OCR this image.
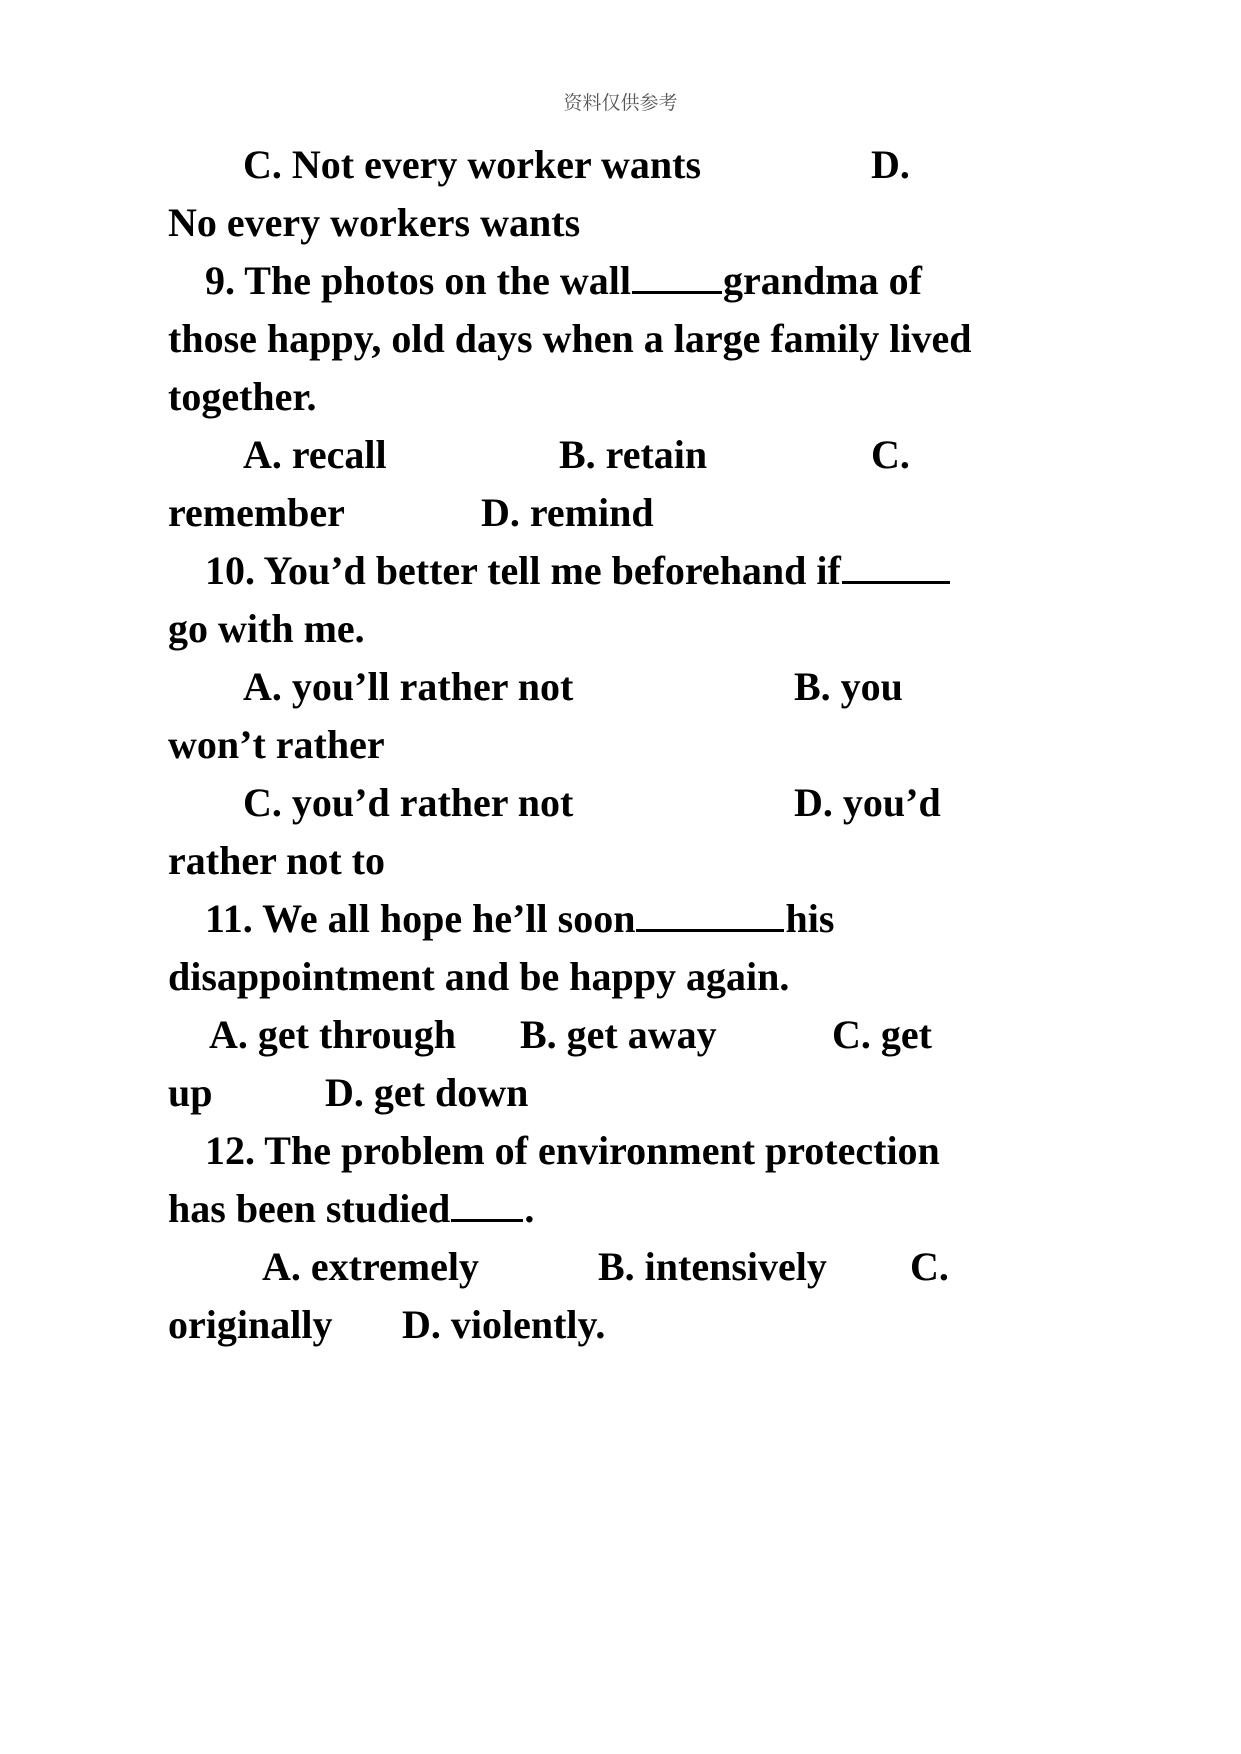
资料仅供参考
C. Not every worker wants	D.
No every workers wants
9. The photos on the wall grandma of
those happy, old days when a large family lived
together.
A. recall	B. retain	C.
remember	D. remind
10. You’d better tell me beforehand if
go with me.
A. you’ll rather not	B. you
won’t rather
C. you’d rather not	D. you’d
rather not to
11. We all hope he’ll soon	his
disappointment and be happy again.
A. get through B. get away	C. get
up	D. get down
12. The problem of environment protection
has been studied .
A. extremely	B. intensively C.
originally D. violently.
